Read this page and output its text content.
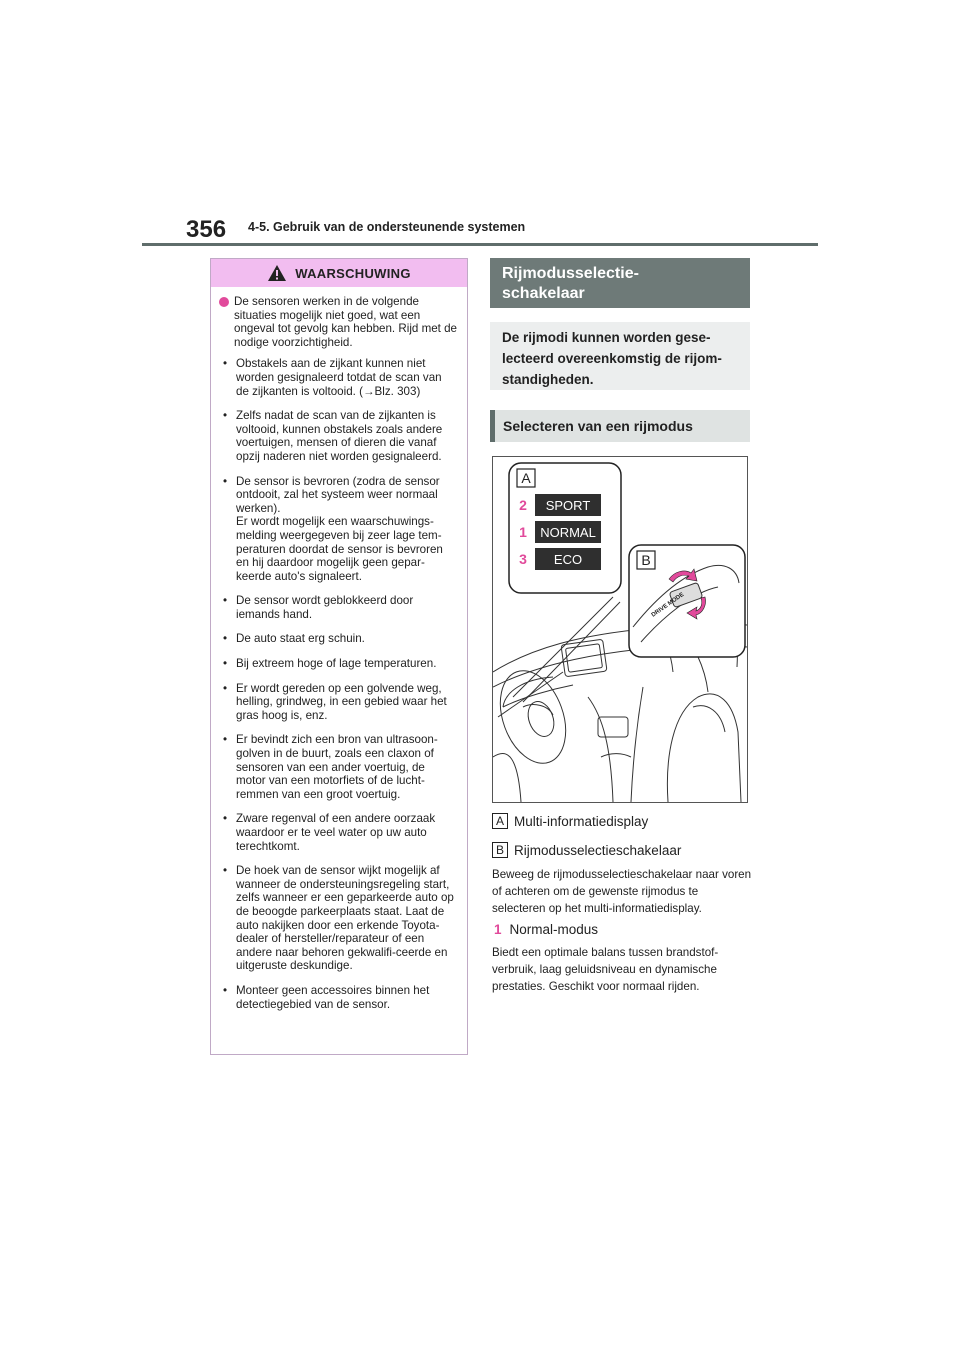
356 4-5. Gebruik van de ondersteunende systemen
WAARSCHUWING
De sensoren werken in de volgende situaties mogelijk niet goed, wat een ongeval tot gevolg kan hebben. Rijd met de nodige voorzichtigheid.
• Obstakels aan de zijkant kunnen niet worden gesignaleerd totdat de scan van de zijkanten is voltooid. (→Blz. 303)
• Zelfs nadat de scan van de zijkanten is voltooid, kunnen obstakels zoals andere voertuigen, mensen of dieren die vanaf opzij naderen niet worden gesignaleerd.
• De sensor is bevroren (zodra de sensor ontdooit, zal het systeem weer normaal werken).
Er wordt mogelijk een waarschuwings-melding weergegeven bij zeer lage tem-peraturen doordat de sensor is bevroren en hij daardoor mogelijk geen gepar-keerde auto's signaleert.
• De sensor wordt geblokkeerd door iemands hand.
• De auto staat erg schuin.
• Bij extreem hoge of lage temperaturen.
• Er wordt gereden op een golvende weg, helling, grindweg, in een gebied waar het gras hoog is, enz.
• Er bevindt zich een bron van ultrasoon-golven in de buurt, zoals een claxon of sensoren van een ander voertuig, de motor van een motorfiets of de lucht-remmen van een groot voertuig.
• Zware regenval of een andere oorzaak waardoor er te veel water op uw auto terechtkomt.
• De hoek van de sensor wijkt mogelijk af wanneer de ondersteuningsregeling start, zelfs wanneer er een geparkeerde auto op de beoogde parkeerplaats staat. Laat de auto nakijken door een erkende Toyota-dealer of hersteller/reparateur of een andere naar behoren gekwalifi-ceerde en uitgeruste deskundige.
• Monteer geen accessoires binnen het detectiegebied van de sensor.
Rijmodusselectie-
schakelaar
De rijmodi kunnen worden gese-
lecteerd overeenkomstig de rijom-
standigheden.
Selecteren van een rijmodus
A
2 SPORT
1 NORMAL
3 ECO	B
DRIVE MODE
A Multi-informatiedisplay
B Rijmodusselectieschakelaar
Beweeg de rijmodusselectieschakelaar naar voren of achteren om de gewenste rijmodus te selecteren op het multi-informatiedisplay.
1 Normal-modus
Biedt een optimale balans tussen brandstof-verbruik, laag geluidsniveau en dynamische prestaties. Geschikt voor normaal rijden.
